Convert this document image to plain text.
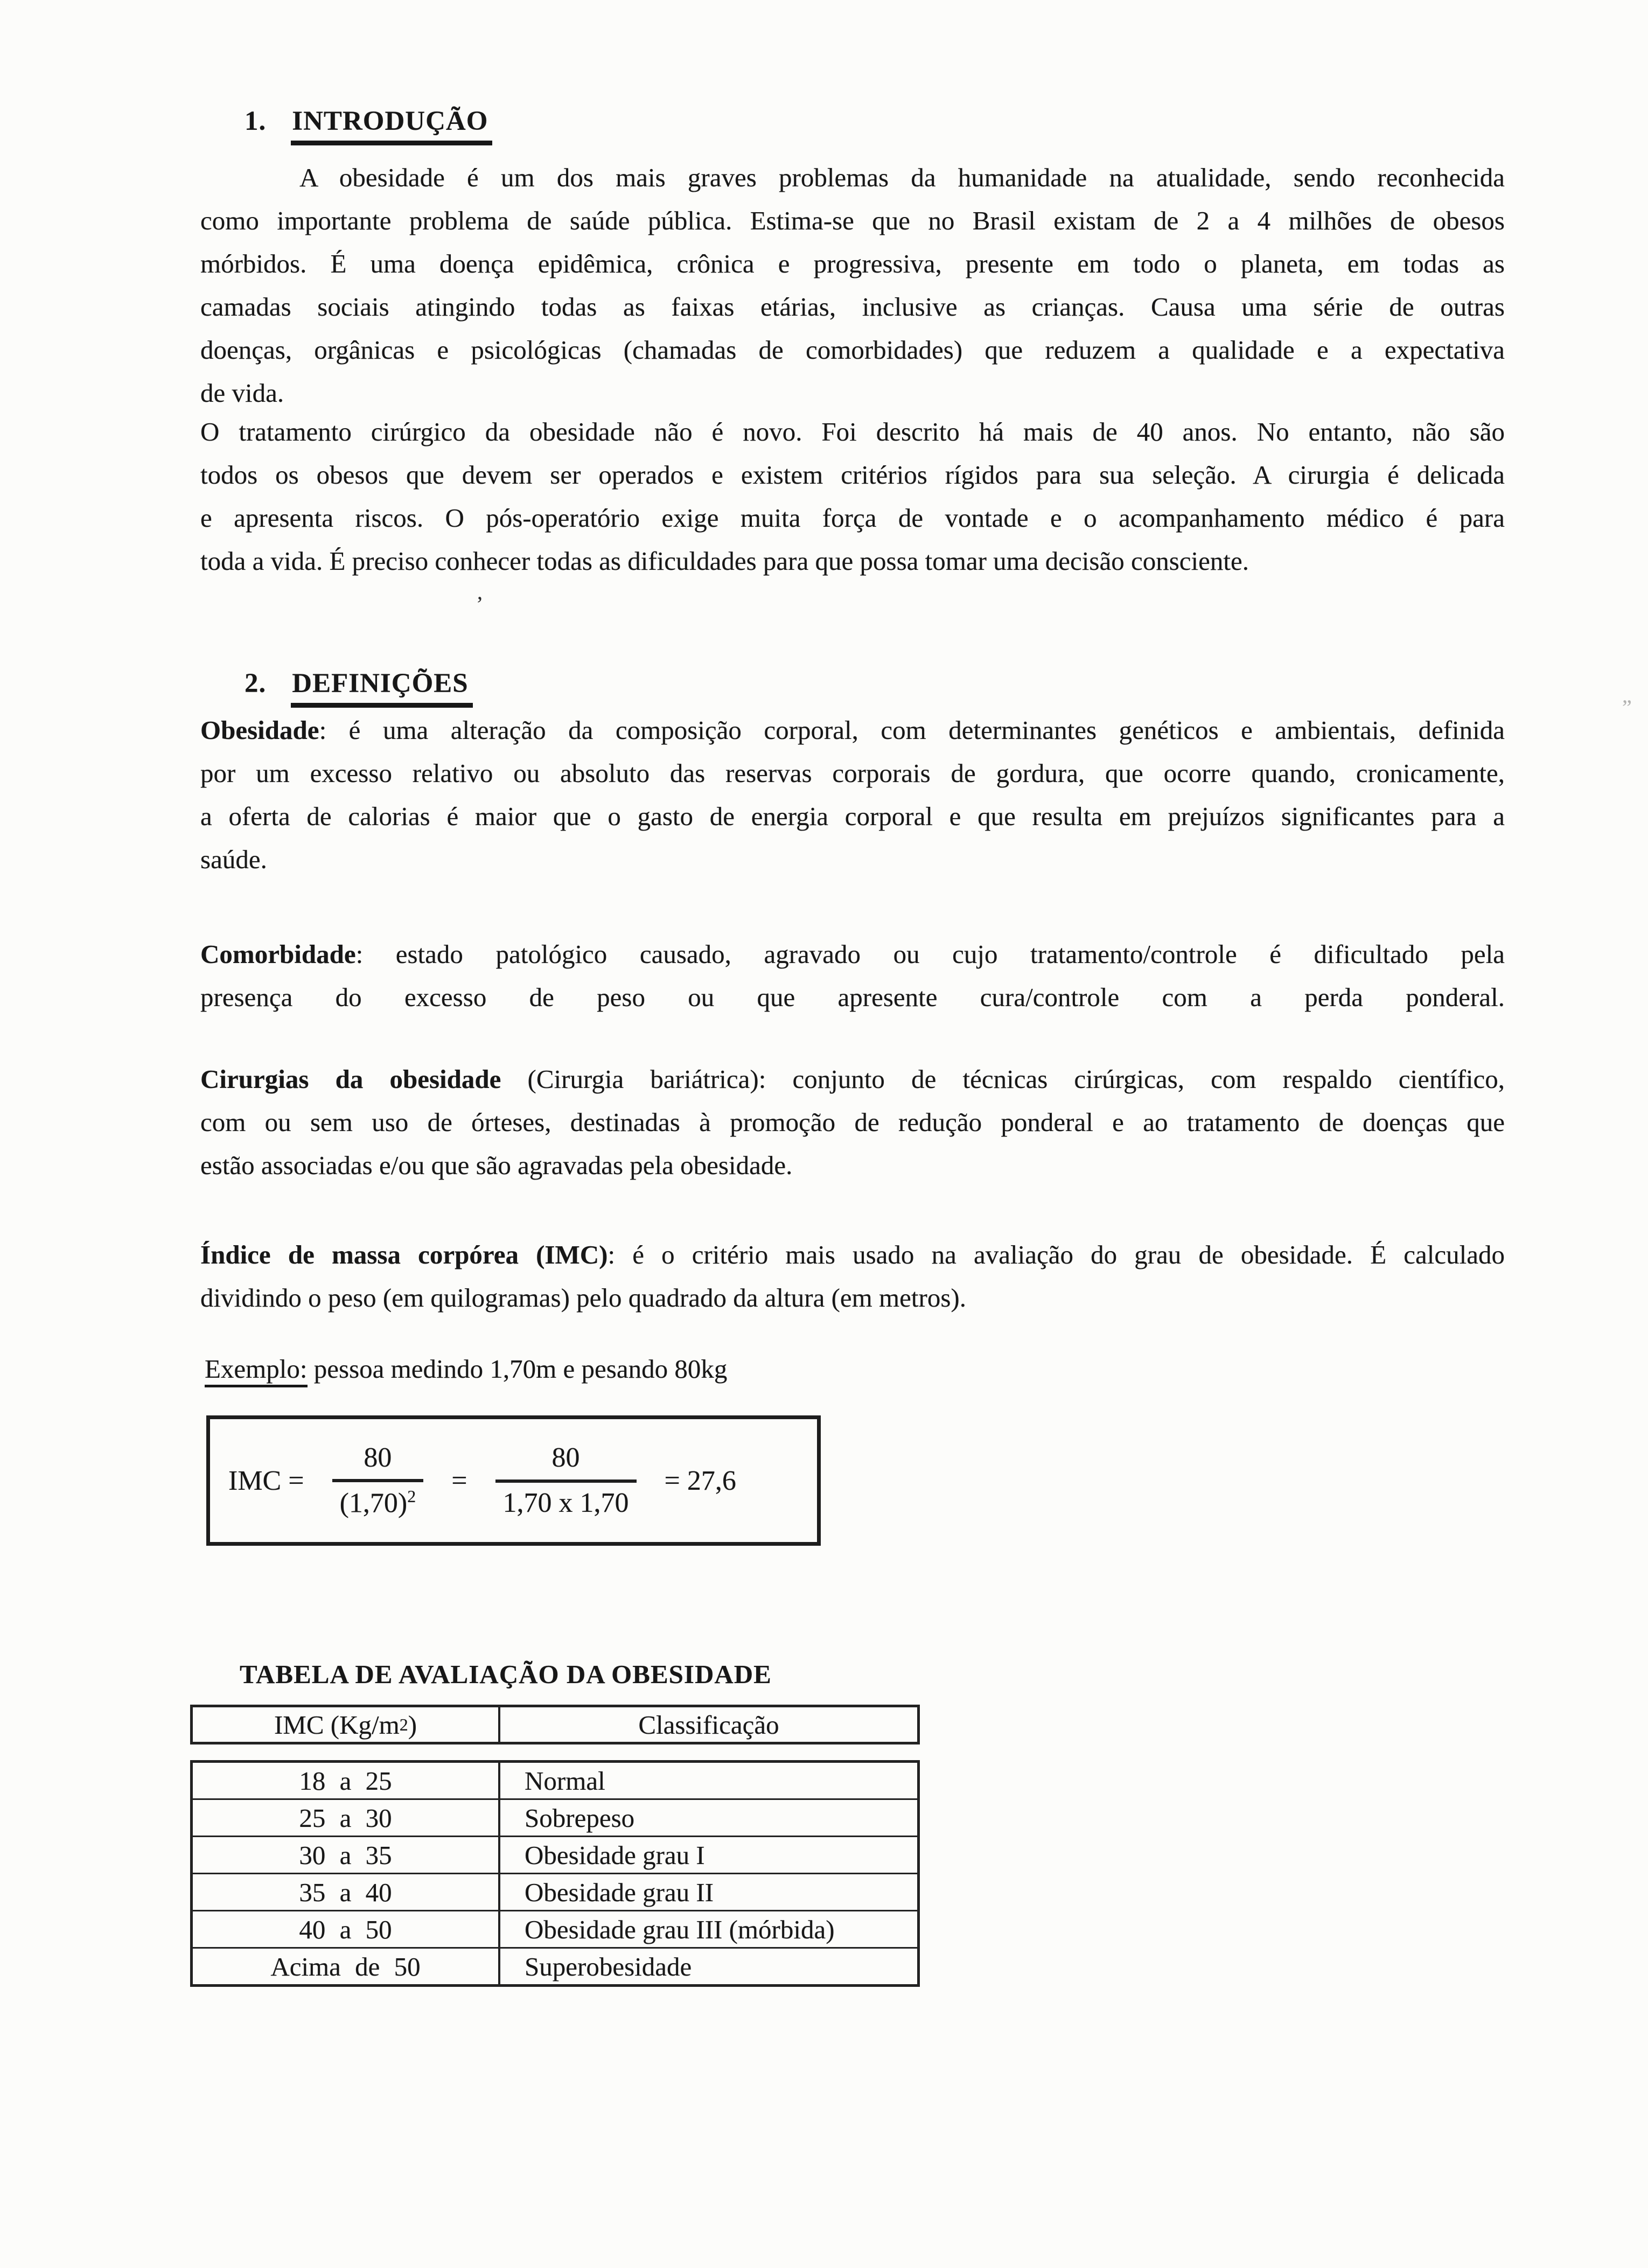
1. INTRODUÇÃO
A obesidade é um dos mais graves problemas da humanidade na atualidade, sendo reconhecida
como importante problema de saúde pública. Estima-se que no Brasil existam de 2 a 4 milhões de obesos
mórbidos. É uma doença epidêmica, crônica e progressiva, presente em todo o planeta, em todas as
camadas sociais atingindo todas as faixas etárias, inclusive as crianças. Causa uma série de outras
doenças, orgânicas e psicológicas (chamadas de comorbidades) que reduzem a qualidade e a expectativa
de vida.
O tratamento cirúrgico da obesidade não é novo. Foi descrito há mais de 40 anos. No entanto, não são
todos os obesos que devem ser operados e existem critérios rígidos para sua seleção. A cirurgia é delicada
e apresenta riscos. O pós-operatório exige muita força de vontade e o acompanhamento médico é para
toda a vida. É preciso conhecer todas as dificuldades para que possa tomar uma decisão consciente.
’
”
2. DEFINIÇÕES
Obesidade: é uma alteração da composição corporal, com determinantes genéticos e ambientais, definida
por um excesso relativo ou absoluto das reservas corporais de gordura, que ocorre quando, cronicamente,
a oferta de calorias é maior que o gasto de energia corporal e que resulta em prejuízos significantes para a
saúde.
Comorbidade: estado patológico causado, agravado ou cujo tratamento/controle é dificultado pela
presença do excesso de peso ou que apresente cura/controle com a perda ponderal.
Cirurgias da obesidade (Cirurgia bariátrica): conjunto de técnicas cirúrgicas, com respaldo científico,
com ou sem uso de órteses, destinadas à promoção de redução ponderal e ao tratamento de doenças que
estão associadas e/ou que são agravadas pela obesidade.
Índice de massa corpórea (IMC): é o critério mais usado na avaliação do grau de obesidade. É calculado
dividindo o peso (em quilogramas) pelo quadrado da altura (em metros).
Exemplo: pessoa medindo 1,70m e pesando 80kg
IMC = $\frac{80}{(1,70)^2} = \frac{80}{1,70 x 1,70} = 27,6$
TABELA DE AVALIAÇÃO DA OBESIDADE
IMC (Kg/m 2 )	Classificação
18 a 25	Normal
25 a 30	Sobrepeso
30 a 35	Obesidade grau I
35 a 40	Obesidade grau II
40 a 50	Obesidade grau III (mórbida)
Acima de 50	Superobesidade
